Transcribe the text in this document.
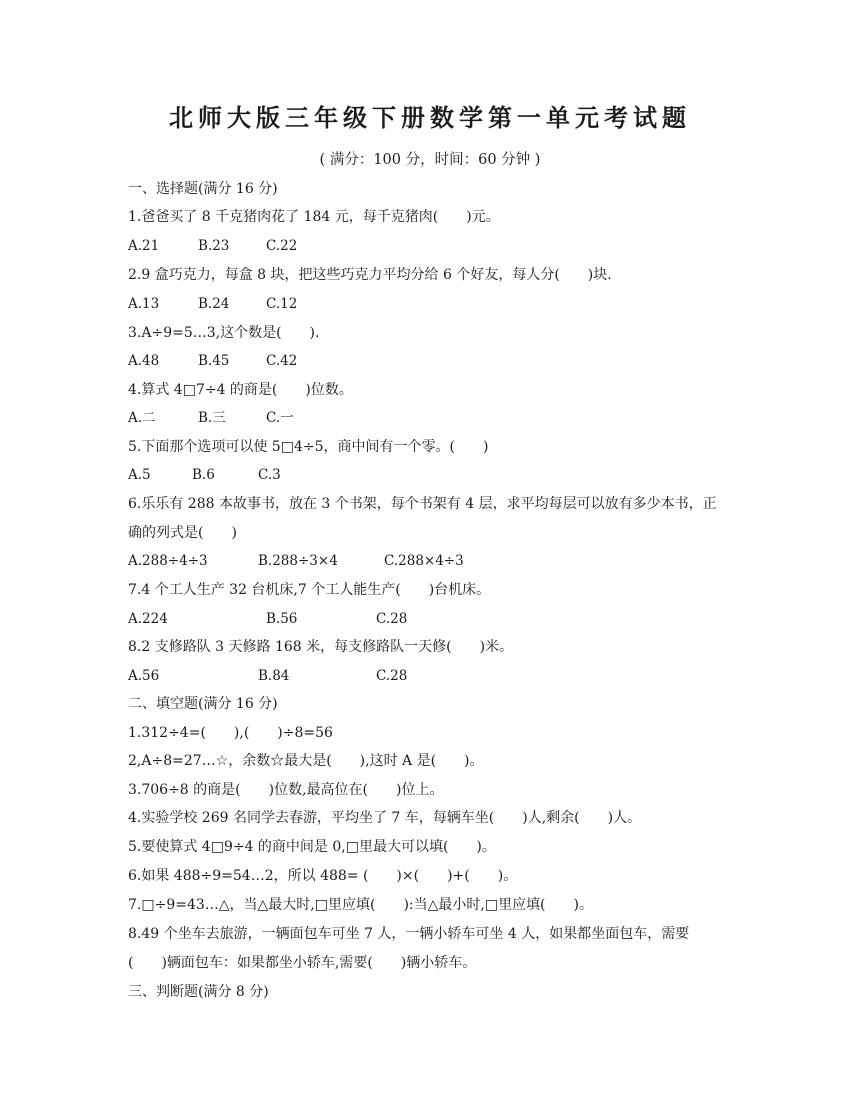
北师大版三年级下册数学第一单元考试题
( 满分：100 分，时间：60 分钟 )
一、选择题(满分 16 分)
1.爸爸买了 8 千克猪肉花了 184 元，每千克猪肉(　　)元。
A.21	B.23	C.22
2.9 盒巧克力，每盒 8 块，把这些巧克力平均分给 6 个好友，每人分(　　)块.
A.13	B.24	C.12
3.A÷9=5…3,这个数是(　　).
A.48	B.45	C.42
4.算式 4□7÷4 的商是(　　)位数。
A.二	B.三	C.一
5.下面那个选项可以使 5□4÷5，商中间有一个零。(　　)
A.5	B.6	C.3
6.乐乐有 288 本故事书，放在 3 个书架，每个书架有 4 层，求平均每层可以放有多少本书，正
确的列式是(　　)
A.288÷4÷3	B.288÷3×4	C.288×4÷3
7.4 个工人生产 32 台机床,7 个工人能生产(　　)台机床。
A.224	B.56	C.28
8.2 支修路队 3 天修路 168 米，每支修路队一天修(　　)米。
A.56	B.84	C.28
二、填空题(满分 16 分)
1.312÷4=(　　),(　　)÷8=56
2,A÷8=27…☆，余数☆最大是(　　),这时 A 是(　　)。
3.706÷8 的商是(　　)位数,最高位在(　　)位上。
4.实验学校 269 名同学去春游，平均坐了 7 车，每辆车坐(　　)人,剩余(　　)人。
5.要使算式 4□9÷4 的商中间是 0,□里最大可以填(　　)。
6.如果 488÷9=54…2，所以 488= (　　)×(　　)+(　　)。
7.□÷9=43…△，当△最大时,□里应填(　　):当△最小时,□里应填(　　)。
8.49 个坐车去旅游，一辆面包车可坐 7 人，一辆小轿车可坐 4 人，如果都坐面包车，需要
(　　)辆面包车：如果都坐小轿车,需要(　　)辆小轿车。
三、判断题(满分 8 分)
